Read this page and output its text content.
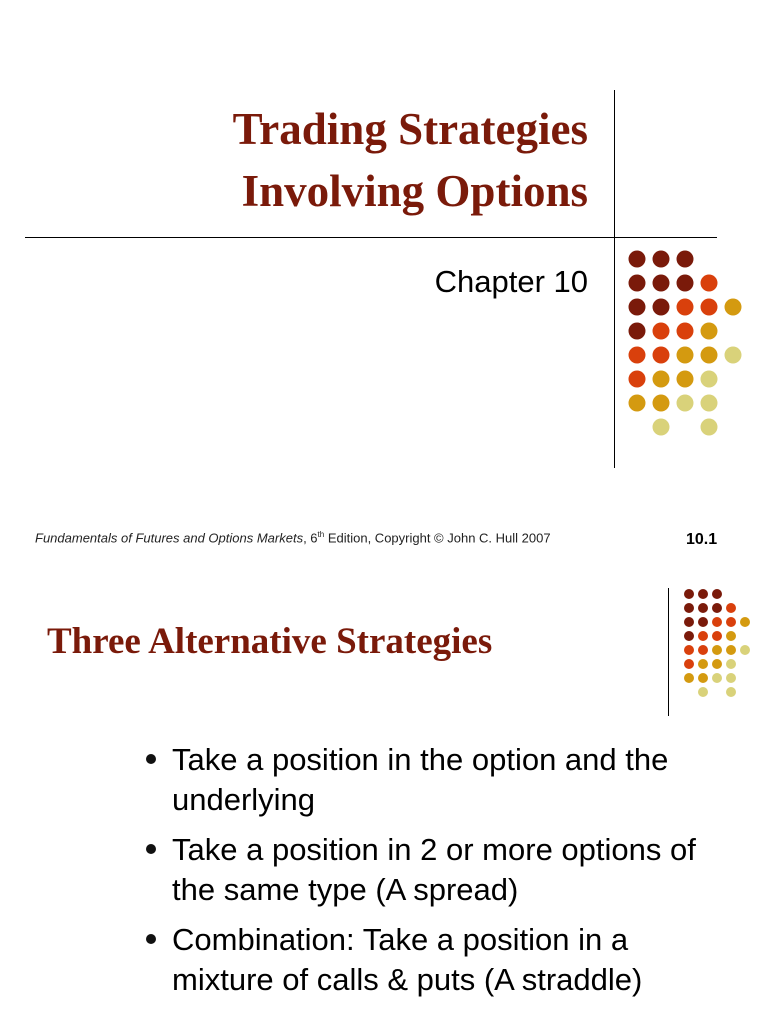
Trading Strategies
Involving Options

Chapter 10

Fundamentals of Futures and Options Markets, 6th Edition, Copyright © John C. Hull 2007	10.1

Three Alternative Strategies
Take a position in the option and the underlying
Take a position in 2 or more options of the same type (A spread)
Combination: Take a position in a mixture of calls & puts (A straddle)
